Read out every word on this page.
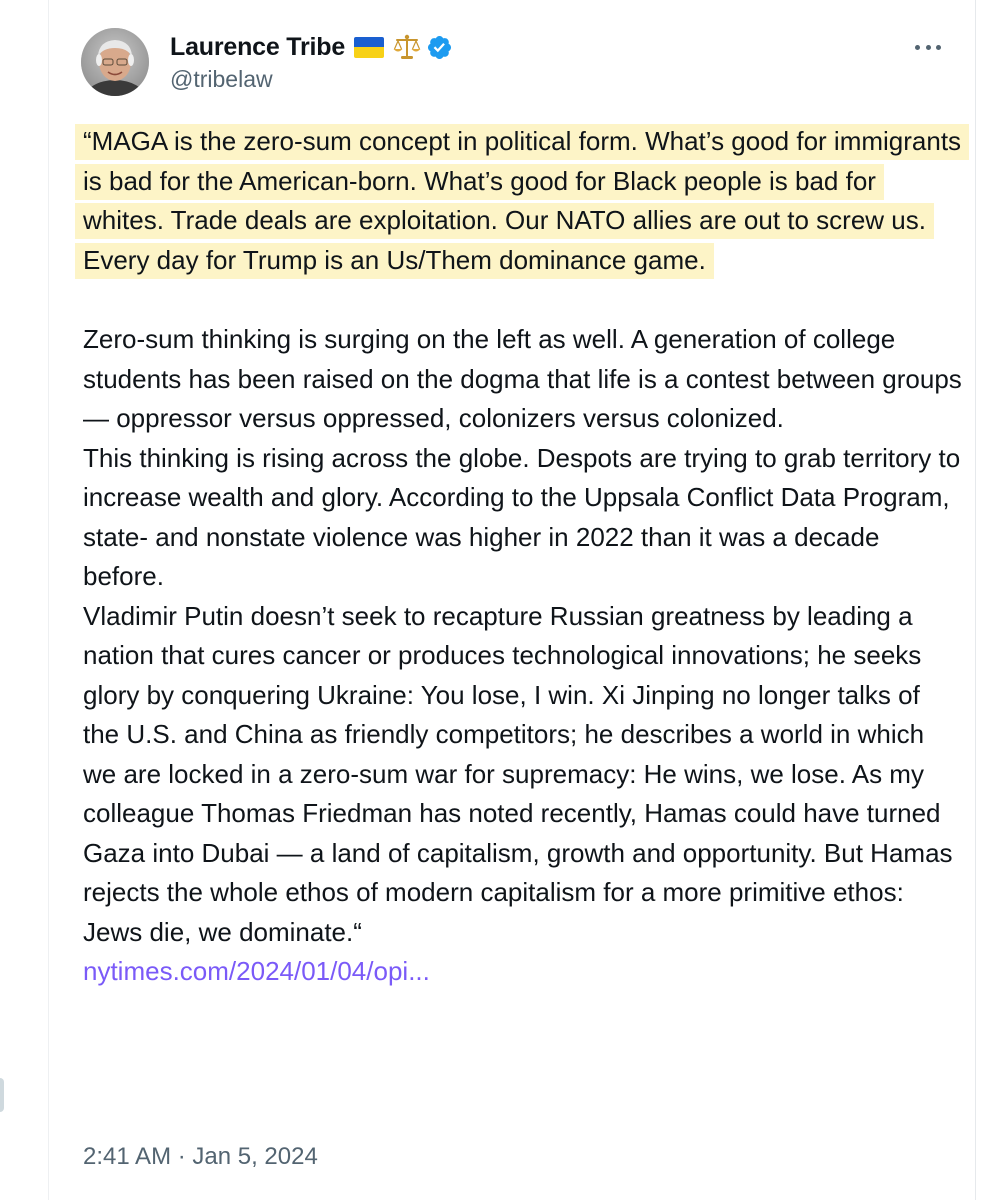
Laurence Tribe
@tribelaw

“MAGA is the zero-sum concept in political form. What’s good for immigrants is bad for the American-born. What’s good for Black people is bad for whites. Trade deals are exploitation. Our NATO allies are out to screw us. Every day for Trump is an Us/Them dominance game.

Zero-sum thinking is surging on the left as well. A generation of college students has been raised on the dogma that life is a contest between groups — oppressor versus oppressed, colonizers versus colonized.

This thinking is rising across the globe. Despots are trying to grab territory to increase wealth and glory. According to the Uppsala Conflict Data Program, state- and nonstate violence was higher in 2022 than it was a decade before.

Vladimir Putin doesn’t seek to recapture Russian greatness by leading a nation that cures cancer or produces technological innovations; he seeks glory by conquering Ukraine: You lose, I win. Xi Jinping no longer talks of the U.S. and China as friendly competitors; he describes a world in which we are locked in a zero-sum war for supremacy: He wins, we lose. As my colleague Thomas Friedman has noted recently, Hamas could have turned Gaza into Dubai — a land of capitalism, growth and opportunity. But Hamas rejects the whole ethos of modern capitalism for a more primitive ethos: Jews die, we dominate.“

nytimes.com/2024/01/04/opi...

2:41 AM · Jan 5, 2024
